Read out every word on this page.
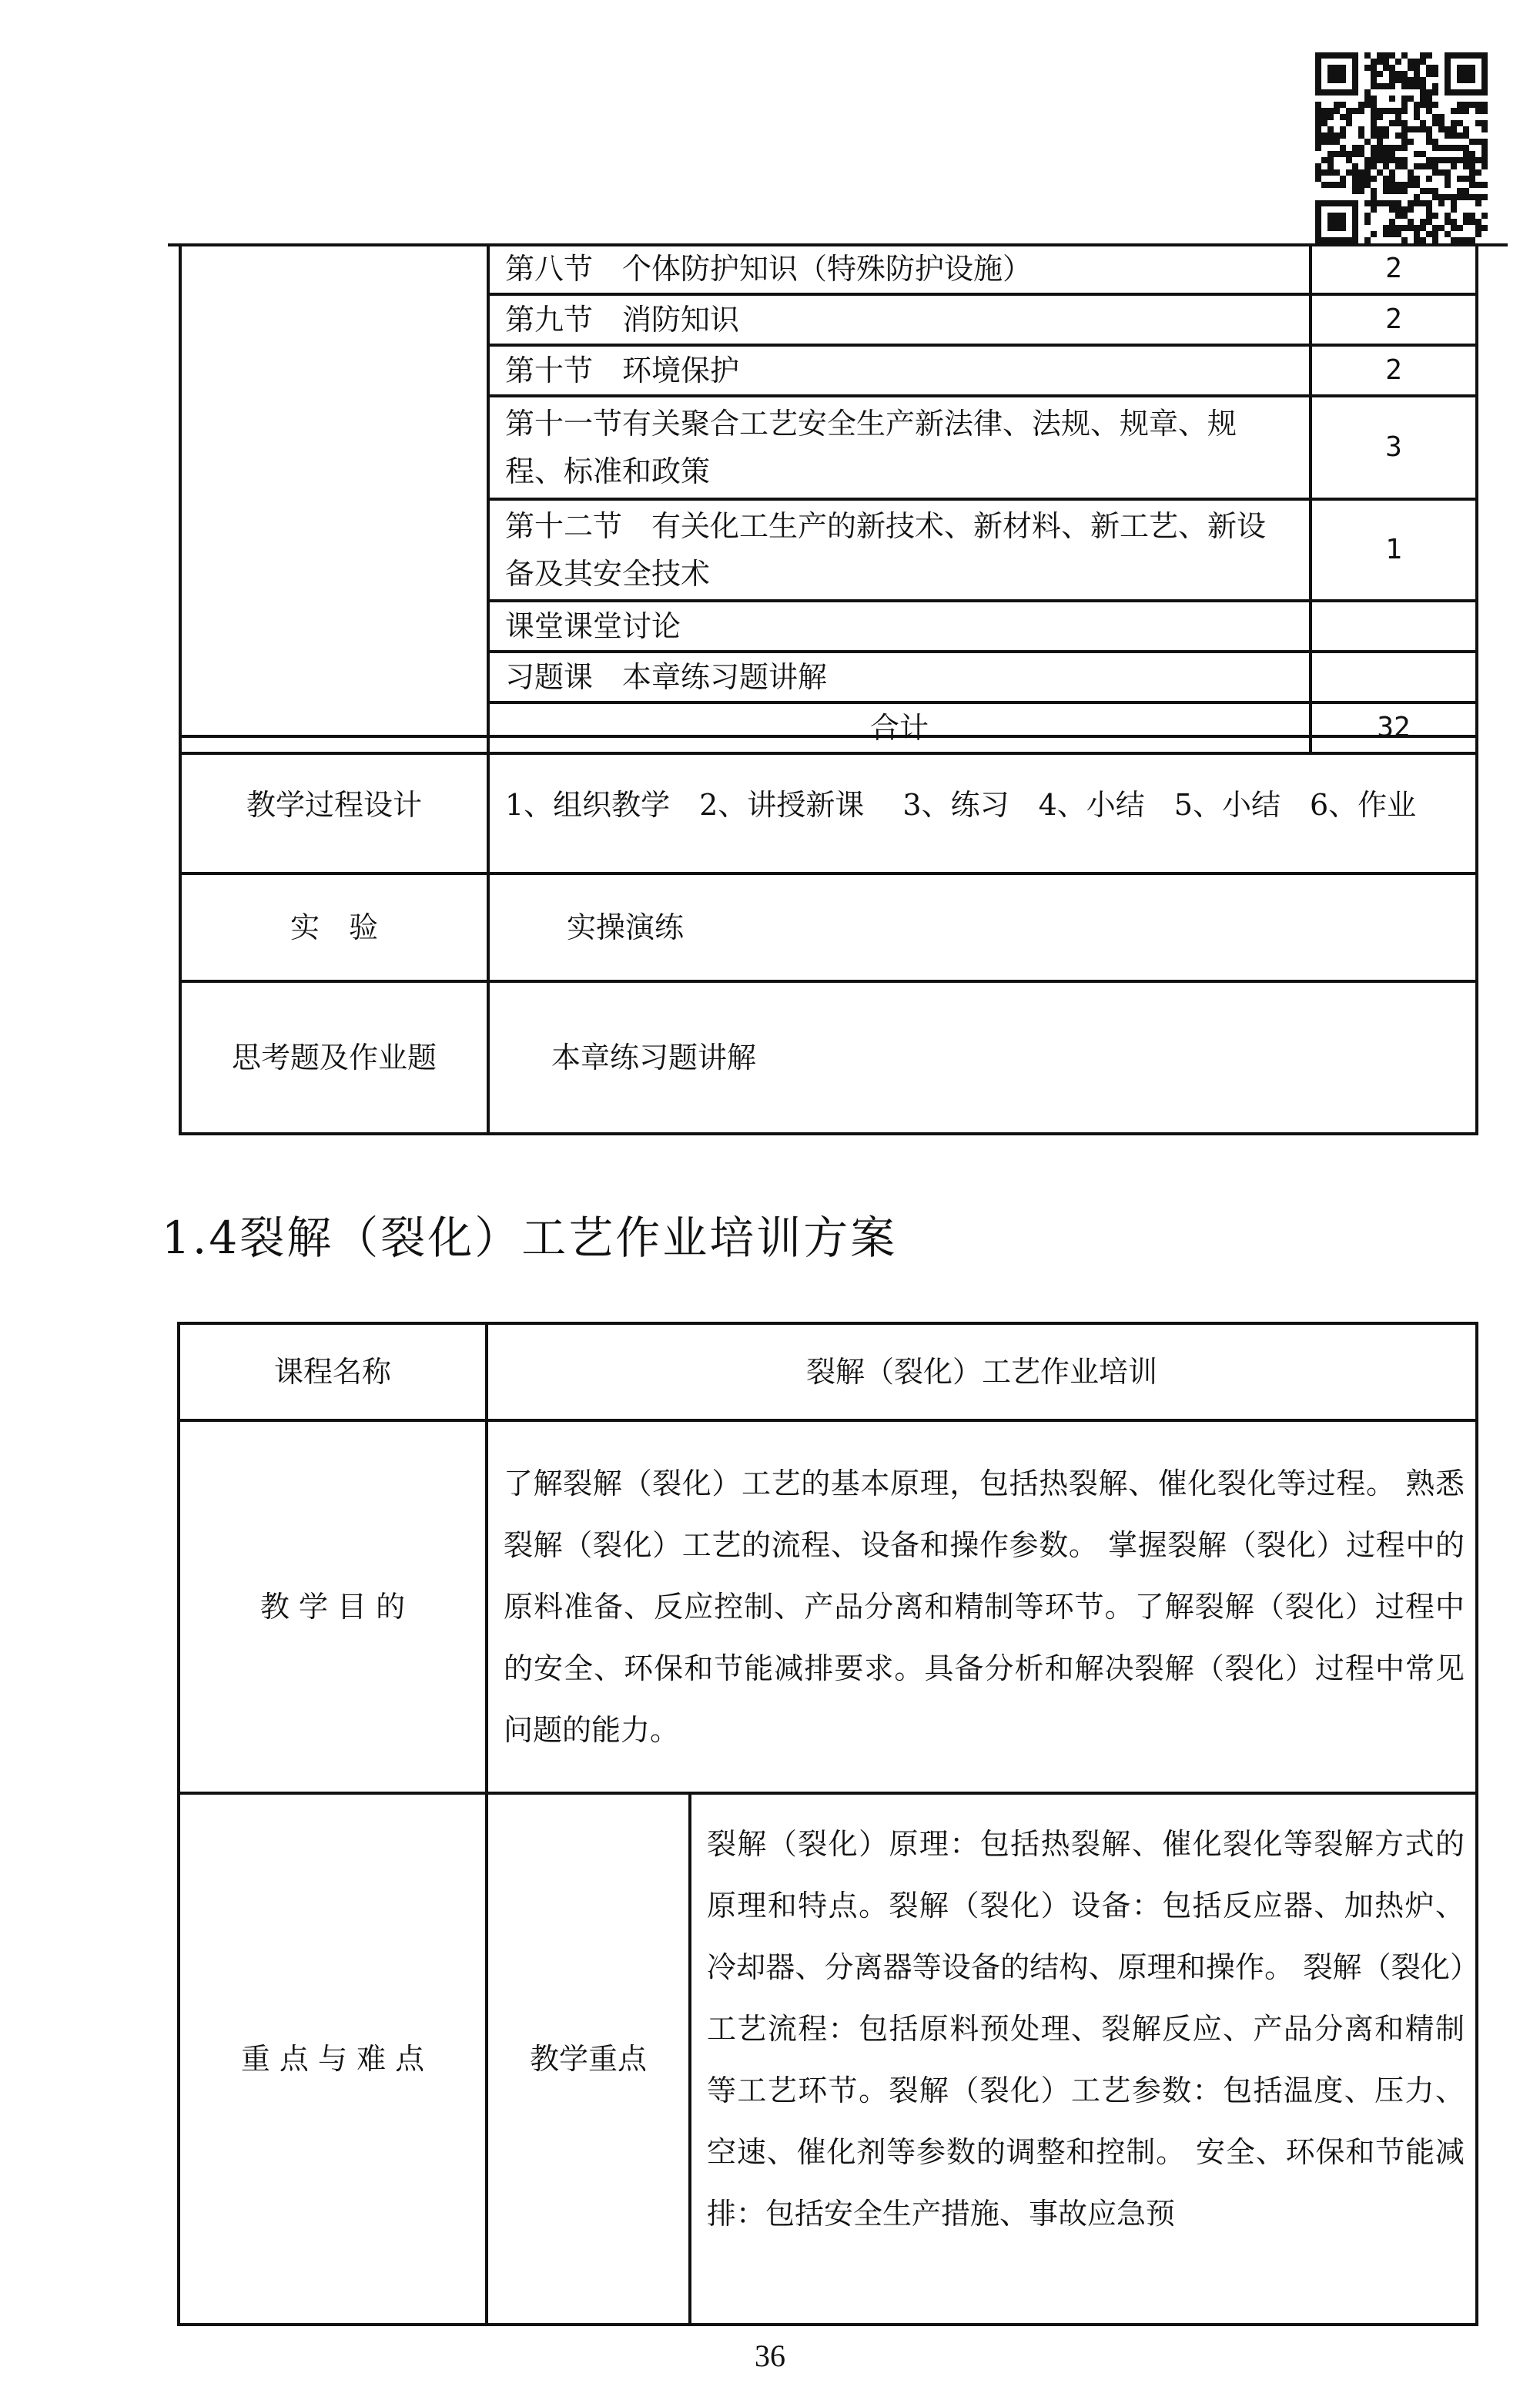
	第八节　个体防护知识（特殊防护设施）	2
	第九节　消防知识	2
	第十节　环境保护	2
	第十一节有关聚合工艺安全生产新法律、法规、规章、规程、标准和政策	3
	第十二节　有关化工生产的新技术、新材料、新工艺、新设备及其安全技术	1
	课堂课堂讨论	
	习题课　本章练习题讲解	
	合计	32
教学过程设计	1、组织教学　2、讲授新课　 3、练习　4、小结　5、小结　6、作业
实　验	实操演练
思考题及作业题	本章练习题讲解
1.4裂解（裂化）工艺作业培训方案
课程名称	裂解（裂化）工艺作业培训	
教 学 目 的	了解裂解（裂化）工艺的基本原理，包括热裂解、催化裂化等过程。 熟悉裂解（裂化）工艺的流程、设备和操作参数。 掌握裂解（裂化）过程中的原料准备、反应控制、产品分离和精制等环节。了解裂解（裂化）过程中的安全、环保和节能减排要求。具备分析和解决裂解（裂化）过程中常见问题的能力。	
重 点 与 难 点	教学重点	裂解（裂化）原理：包括热裂解、催化裂化等裂解方式的原理和特点。裂解（裂化）设备：包括反应器、加热炉、冷却器、分离器等设备的结构、原理和操作。 裂解（裂化）工艺流程：包括原料预处理、裂解反应、产品分离和精制等工艺环节。裂解（裂化）工艺参数：包括温度、压力、空速、催化剂等参数的调整和控制。 安全、环保和节能减排：包括安全生产措施、事故应急预
36
